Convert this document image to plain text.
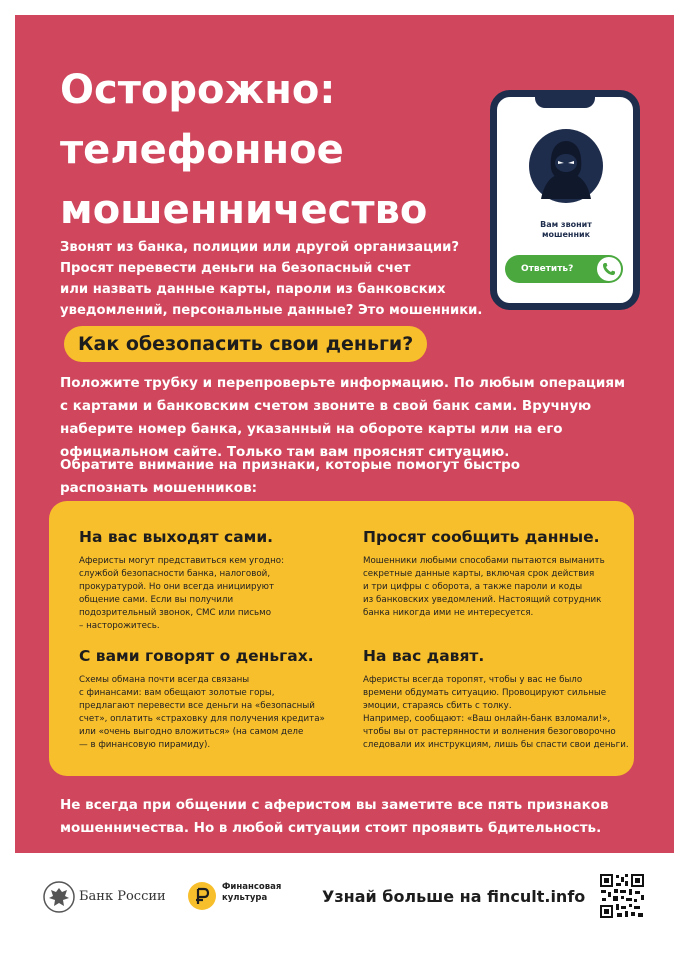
Осторожно:
телефонное
мошенничество

Звонят из банка, полиции или другой организации?
Просят перевести деньги на безопасный счет
или назвать данные карты, пароли из банковских
уведомлений, персональные данные? Это мошенники.

Вам звонит
мошенник

Ответить?
Как обезопасить свои деньги?

Положите трубку и перепроверьте информацию. По любым операциям
с картами и банковским счетом звоните в свой банк сами. Вручную
наберите номер банка, указанный на обороте карты или на его
официальном сайте. Только там вам прояснят ситуацию.

Обратите внимание на признаки, которые помогут быстро
распознать мошенников:

На вас выходят сами.

Аферисты могут представиться кем угодно:
службой безопасности банка, налоговой,
прокуратурой. Но они всегда инициируют
общение сами. Если вы получили
подозрительный звонок, СМС или письмо
– насторожитесь.

Просят сообщить данные.

Мошенники любыми способами пытаются выманить
секретные данные карты, включая срок действия
и три цифры с оборота, а также пароли и коды
из банковских уведомлений. Настоящий сотрудник
банка никогда ими не интересуется.

С вами говорят о деньгах.

Схемы обмана почти всегда связаны
с финансами: вам обещают золотые горы,
предлагают перевести все деньги на «безопасный
счет», оплатить «страховку для получения кредита»
или «очень выгодно вложиться» (на самом деле
— в финансовую пирамиду).

На вас давят.

Аферисты всегда торопят, чтобы у вас не было
времени обдумать ситуацию. Провоцируют сильные
эмоции, стараясь сбить с толку.
Например, сообщают: «Ваш онлайн-банк взломали!»,
чтобы вы от растерянности и волнения безоговорочно
следовали их инструкциям, лишь бы спасти свои деньги.

Не всегда при общении с аферистом вы заметите все пять признаков
мошенничества. Но в любой ситуации стоит проявить бдительность.

Банк России
Финансовая
культура	Узнай больше на fincult.info
